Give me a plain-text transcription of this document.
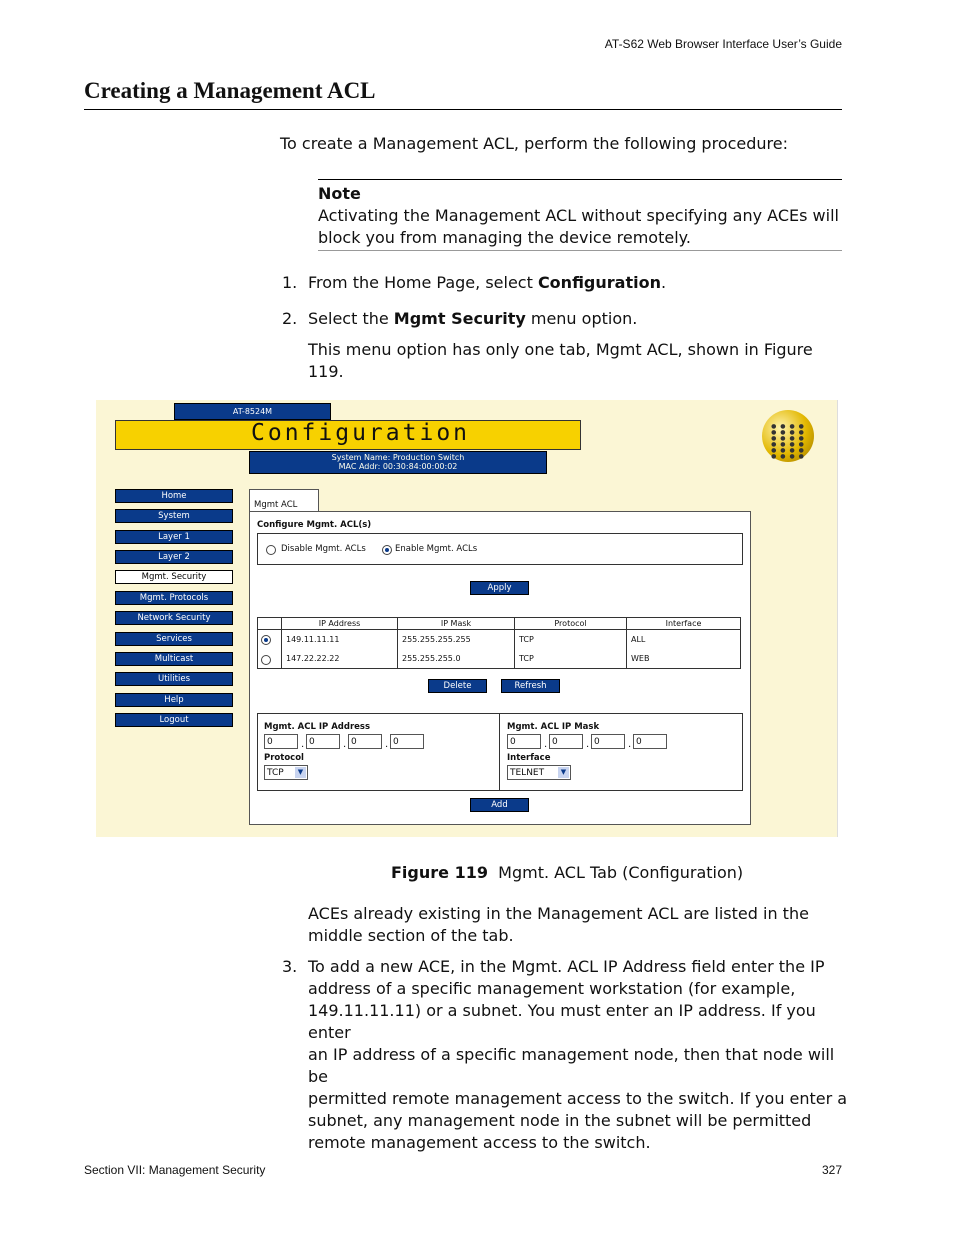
AT-S62 Web Browser Interface User’s Guide
Creating a Management ACL
To create a Management ACL, perform the following procedure:
Note
Activating the Management ACL without specifying any ACEs will
block you from managing the device remotely.
1. From the Home Page, select Configuration.
2. Select the Mgmt Security menu option.
This menu option has only one tab, Mgmt ACL, shown in Figure
119.
AT-8524M
Configuration
System Name: Production Switch
MAC Addr: 00:30:84:00:00:02
● ● ● ● ● ● ● ● ● ● ● ● ● ● ● ● ● ● ● ● ● ● ● ●
Home
System
Layer 1
Layer 2
Mgmt. Security
Mgmt. Protocols
Network Security
Services
Multicast
Utilities
Help
Logout
Mgmt ACL
Configure Mgmt. ACL(s)
Disable Mgmt. ACLs	Enable Mgmt. ACLs
Apply
	IP Address	IP Mask	Protocol	Interface

	149.11.11.11	255.255.255.255	TCP	ALL
	147.22.22.22	255.255.255.0	TCP	WEB
Delete	Refresh
Mgmt. ACL IP Address
0	. 0	. 0	. 0
Protocol
TCP	▼
Mgmt. ACL IP Mask
0	. 0	. 0	. 0
Interface
TELNET	▼
Add
Figure 119 Mgmt. ACL Tab (Configuration)
ACEs already existing in the Management ACL are listed in the
middle section of the tab.
3. To add a new ACE, in the Mgmt. ACL IP Address field enter the IP
address of a specific management workstation (for example,
149.11.11.11) or a subnet. You must enter an IP address. If you enter
an IP address of a specific management node, then that node will be
permitted remote management access to the switch. If you enter a
subnet, any management node in the subnet will be permitted
remote management access to the switch.
Section VII: Management Security	327
